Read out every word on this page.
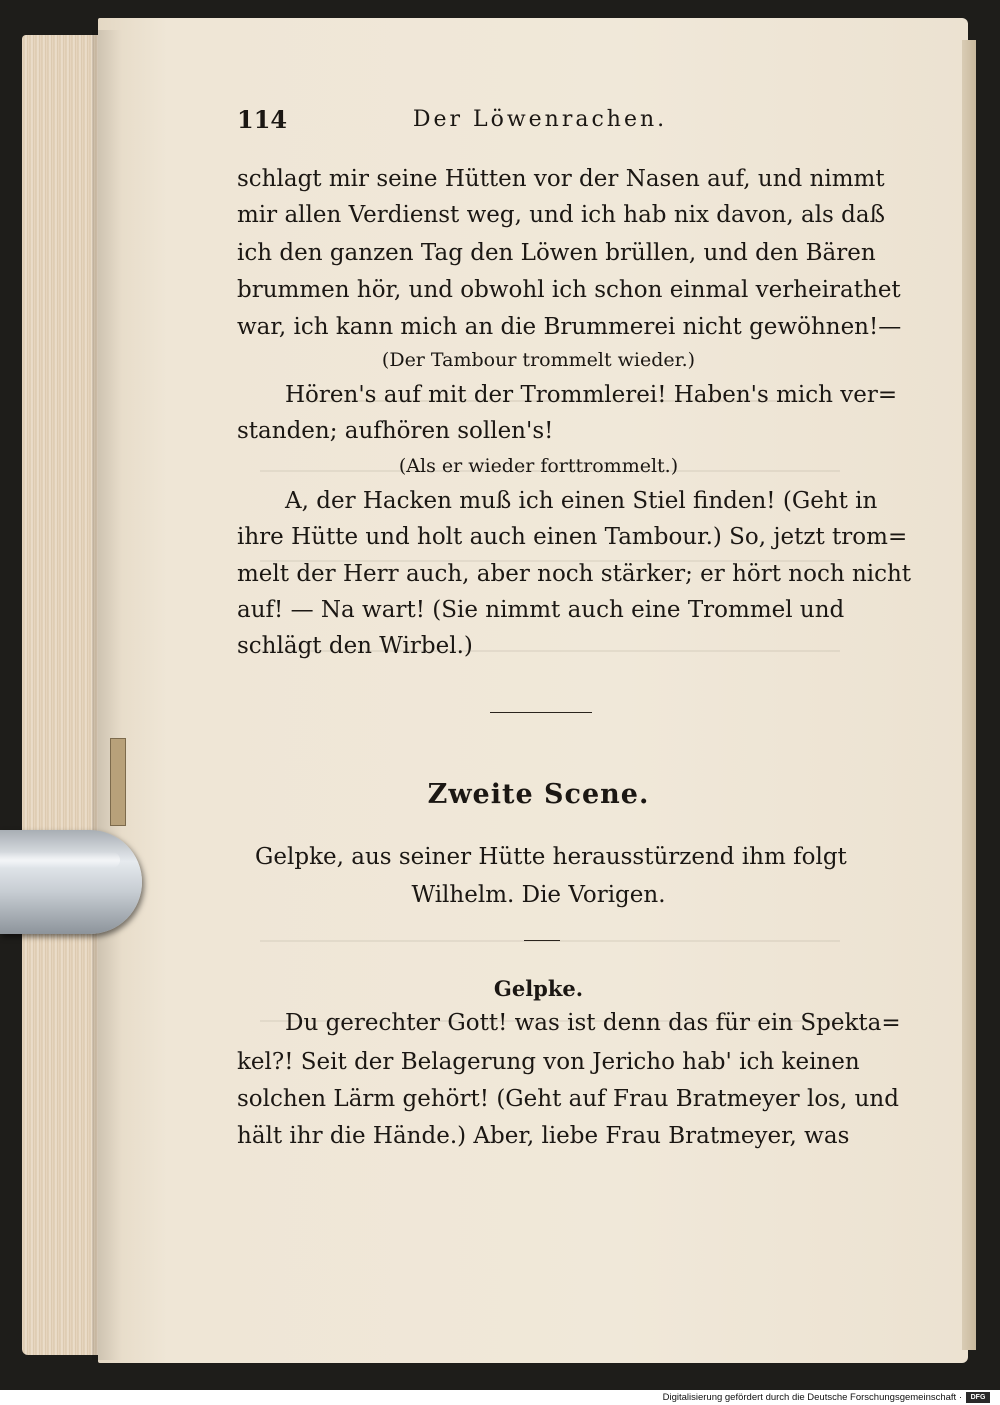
114	Der Löwenrachen.
schlagt mir seine Hütten vor der Nasen auf, und nimmt
mir allen Verdienst weg, und ich hab nix davon, als daß
ich den ganzen Tag den Löwen brüllen, und den Bären
brummen hör, und obwohl ich schon einmal verheirathet
war, ich kann mich an die Brummerei nicht gewöhnen!—
(Der Tambour trommelt wieder.)
Hören's auf mit der Trommlerei! Haben's mich ver=
standen; aufhören sollen's!
(Als er wieder forttrommelt.)
A, der Hacken muß ich einen Stiel finden! (Geht in
ihre Hütte und holt auch einen Tambour.) So, jetzt trom=
melt der Herr auch, aber noch stärker; er hört noch nicht
auf! — Na wart! (Sie nimmt auch eine Trommel und
schlägt den Wirbel.)
Zweite Scene.
Gelpke, aus seiner Hütte herausstürzend ihm folgt
Wilhelm. Die Vorigen.
Gelpke.
Du gerechter Gott! was ist denn das für ein Spekta=
kel?! Seit der Belagerung von Jericho hab' ich keinen
solchen Lärm gehört! (Geht auf Frau Bratmeyer los, und
hält ihr die Hände.) Aber, liebe Frau Bratmeyer, was
Digitalisierung gefördert durch die Deutsche Forschungsgemeinschaft ·	DFG
